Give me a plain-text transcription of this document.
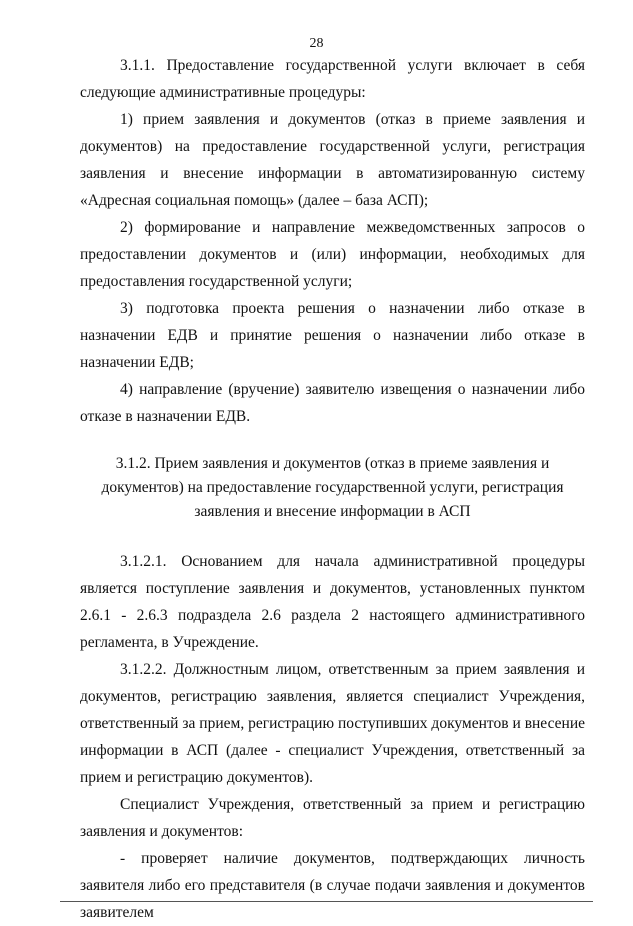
28

3.1.1. Предоставление государственной услуги включает в себя следующие административные процедуры:

1) прием заявления и документов (отказ в приеме заявления и документов) на предоставление государственной услуги, регистрация заявления и внесение информации в автоматизированную систему «Адресная социальная помощь» (далее – база АСП);

2) формирование и направление межведомственных запросов о предоставлении документов и (или) информации, необходимых для предоставления государственной услуги;

3) подготовка проекта решения о назначении либо отказе в назначении ЕДВ и принятие решения о назначении либо отказе в назначении ЕДВ;

4) направление (вручение) заявителю извещения о назначении либо отказе в назначении ЕДВ.

3.1.2. Прием заявления и документов (отказ в приеме заявления и документов) на предоставление государственной услуги, регистрация заявления и внесение информации в АСП

3.1.2.1. Основанием для начала административной процедуры является поступление заявления и документов, установленных пунктом 2.6.1 - 2.6.3 подраздела 2.6 раздела 2 настоящего административного регламента, в Учреждение.

3.1.2.2. Должностным лицом, ответственным за прием заявления и документов, регистрацию заявления, является специалист Учреждения, ответственный за прием, регистрацию поступивших документов и внесение информации в АСП (далее - специалист Учреждения, ответственный за прием и регистрацию документов).

Специалист Учреждения, ответственный за прием и регистрацию заявления и документов:

- проверяет наличие документов, подтверждающих личность заявителя либо его представителя (в случае подачи заявления и документов заявителем
